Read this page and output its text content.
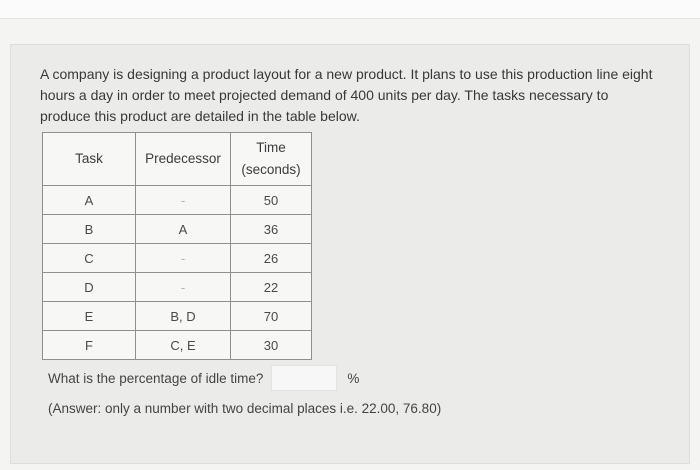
A company is designing a product layout for a new product. It plans to use this production line eight hours a day in order to meet projected demand of 400 units per day. The tasks necessary to produce this product are detailed in the table below.

Task	Predecessor	Time
(seconds)

A	-	50
B	A	36
C	-	26
D	-	22
E	B, D	70
F	C, E	30
What is the percentage of idle time?	%

(Answer: only a number with two decimal places i.e. 22.00, 76.80)
